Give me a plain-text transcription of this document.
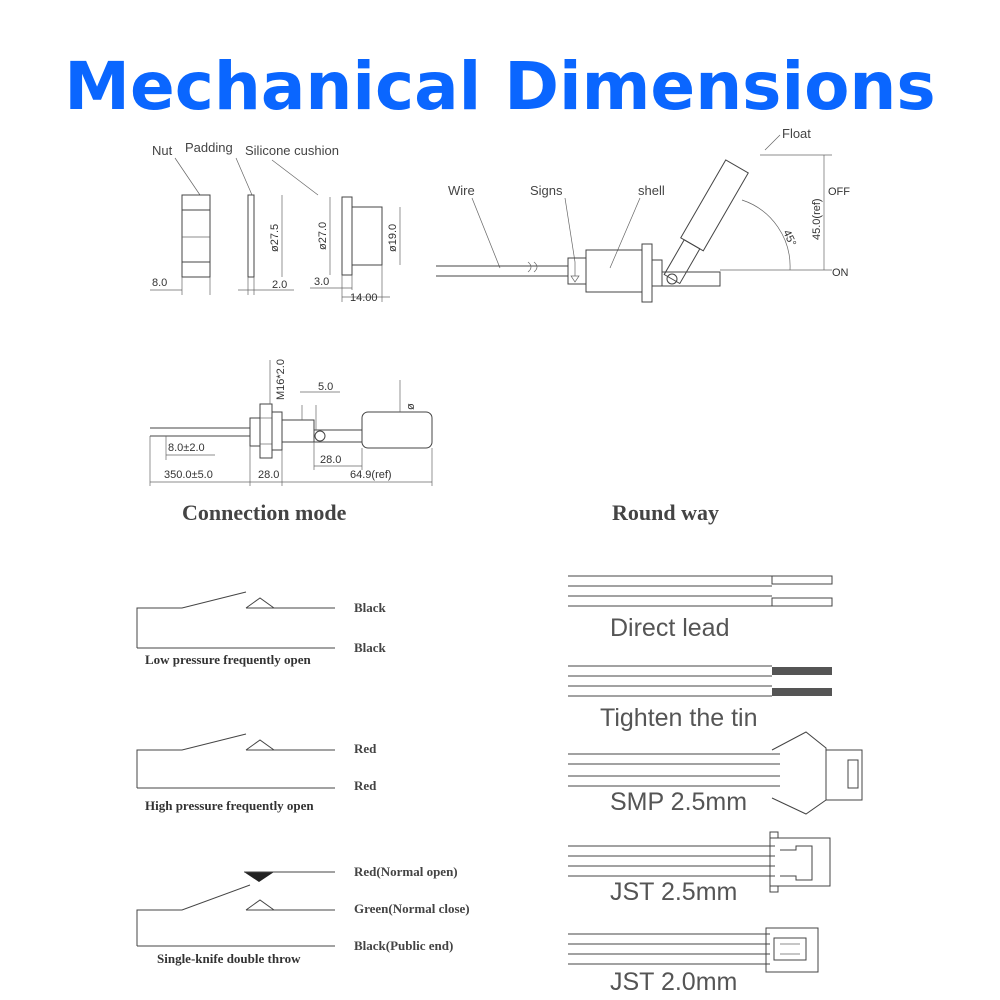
Mechanical Dimensions
Nut Padding Silicone cushion
8.0	2.0
ø27.5	ø27.0	ø19.0
3.0
14.00
Wire	Signs	shell
Float
45° 45.0(ref)
OFF
ON
5.0
M16*2.0
ø
8.0±2.0
28.0
350.0±5.0	28.0	64.9(ref)
Connection mode	Round way
Black
Black
Low pressure frequently open
Red
Red
High pressure frequently open
Red(Normal open)
Green(Normal close)
Black(Public end)
Single-knife double throw
Direct lead
Tighten the tin
SMP 2.5mm
JST 2.5mm
JST 2.0mm
